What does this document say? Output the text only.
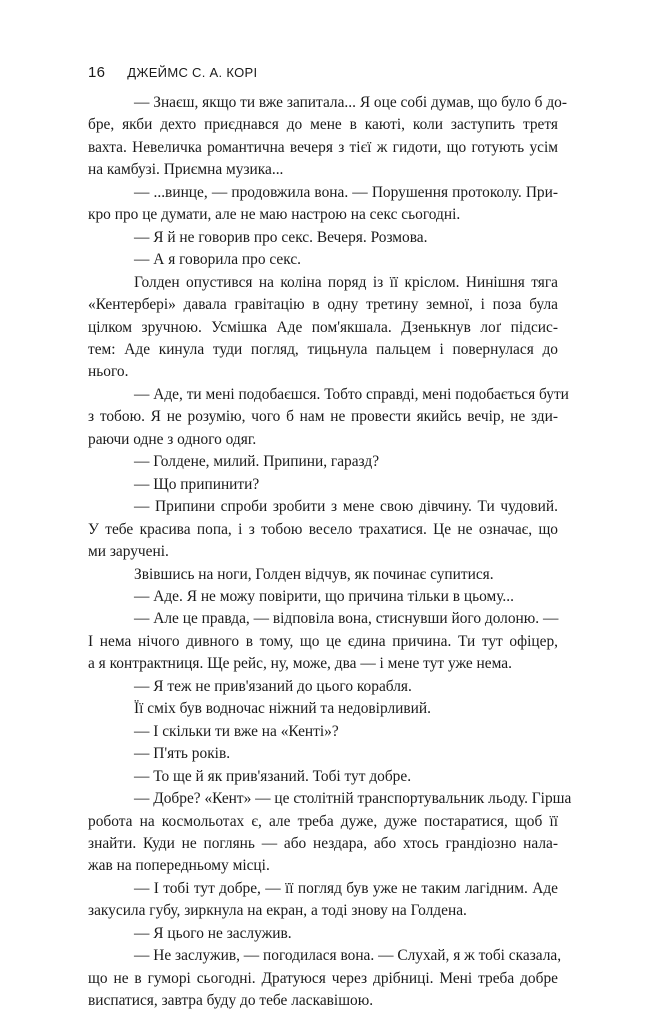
16 ДЖЕЙМС С. А. КОРІ
— Знаєш, якщо ти вже запитала... Я оце собі думав, що було б до-
бре, якби дехто приєднався до мене в каюті, коли заступить третя
вахта. Невеличка романтична вечеря з тієї ж гидоти, що готують усім
на камбузі. Приємна музика...
— ...винце, — продовжила вона. — Порушення протоколу. При-
кро про це думати, але не маю настрою на секс сьогодні.
— Я й не говорив про секс. Вечеря. Розмова.
— А я говорила про секс.
Голден опустився на коліна поряд із її кріслом. Нинішня тяга
«Кентербері» давала гравітацію в одну третину земної, і поза була
цілком зручною. Усмішка Аде пом'якшала. Дзенькнув лоґ підсис-
тем: Аде кинула туди погляд, тицьнула пальцем і повернулася до
нього.
— Аде, ти мені подобаєшся. Тобто справді, мені подобається бути
з тобою. Я не розумію, чого б нам не провести якийсь вечір, не зди-
раючи одне з одного одяг.
— Голдене, милий. Припини, гаразд?
— Що припинити?
— Припини спроби зробити з мене свою дівчину. Ти чудовий.
У тебе красива попа, і з тобою весело трахатися. Це не означає, що
ми заручені.
Звівшись на ноги, Голден відчув, як починає супитися.
— Аде. Я не можу повірити, що причина тільки в цьому...
— Але це правда, — відповіла вона, стиснувши його долоню. —
І нема нічого дивного в тому, що це єдина причина. Ти тут офіцер,
а я контрактниця. Ще рейс, ну, може, два — і мене тут уже нема.
— Я теж не прив'язаний до цього корабля.
Її сміх був водночас ніжний та недовірливий.
— І скільки ти вже на «Кенті»?
— П'ять років.
— То ще й як прив'язаний. Тобі тут добре.
— Добре? «Кент» — це столітній транспортувальник льоду. Гірша
робота на космольотах є, але треба дуже, дуже постаратися, щоб її
знайти. Куди не поглянь — або нездара, або хтось грандіозно нала-
жав на попередньому місці.
— І тобі тут добре, — її погляд був уже не таким лагідним. Аде
закусила губу, зиркнула на екран, а тоді знову на Голдена.
— Я цього не заслужив.
— Не заслужив, — погодилася вона. — Слухай, я ж тобі сказала,
що не в гуморі сьогодні. Дратуюся через дрібниці. Мені треба добре
виспатися, завтра буду до тебе ласкавішою.
